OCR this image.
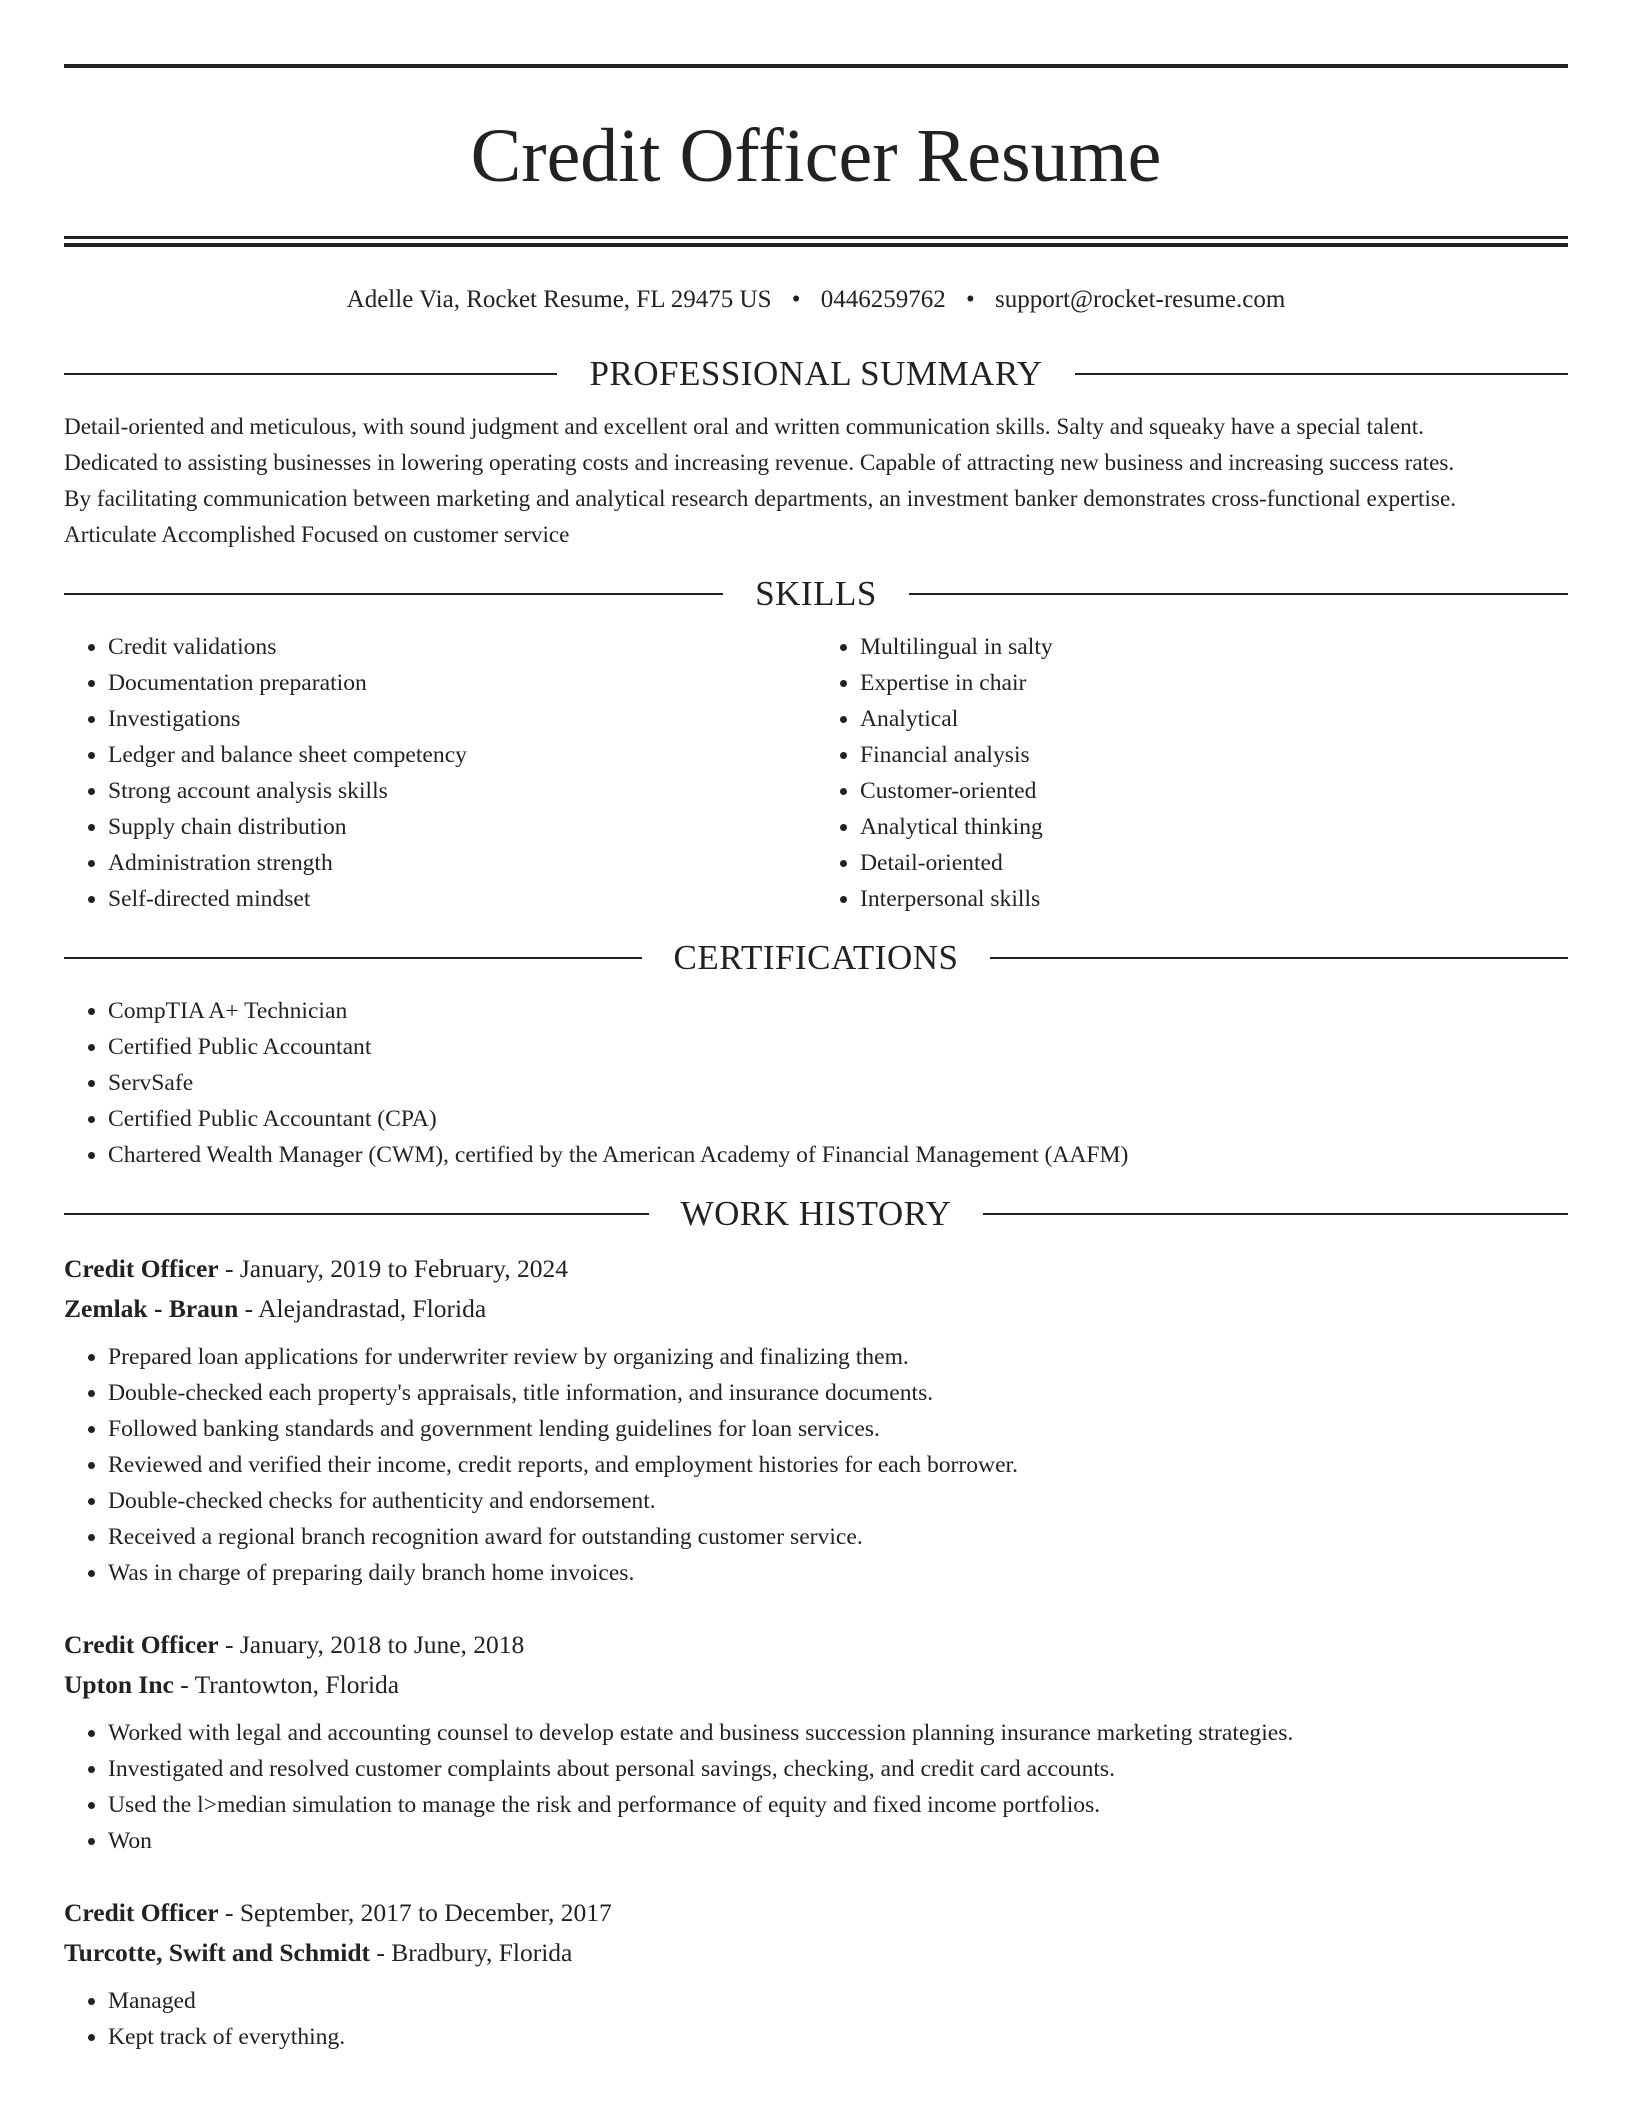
Credit Officer Resume
Adelle Via, Rocket Resume, FL 29475 US • 0446259762 • support@rocket-resume.com
PROFESSIONAL SUMMARY

Detail-oriented and meticulous, with sound judgment and excellent oral and written communication skills. Salty and squeaky have a special talent.
Dedicated to assisting businesses in lowering operating costs and increasing revenue. Capable of attracting new business and increasing success rates.
By facilitating communication between marketing and analytical research departments, an investment banker demonstrates cross-functional expertise.
Articulate Accomplished Focused on customer service

SKILLS
• Credit validations
• Documentation preparation
• Investigations
• Ledger and balance sheet competency
• Strong account analysis skills
• Supply chain distribution
• Administration strength
• Self-directed mindset
• Multilingual in salty
• Expertise in chair
• Analytical
• Financial analysis
• Customer-oriented
• Analytical thinking
• Detail-oriented
• Interpersonal skills
CERTIFICATIONS
• CompTIA A+ Technician
• Certified Public Accountant
• ServSafe
• Certified Public Accountant (CPA)
• Chartered Wealth Manager (CWM), certified by the American Academy of Financial Management (AAFM)
WORK HISTORY
Credit Officer - January, 2019 to February, 2024
Zemlak - Braun - Alejandrastad, Florida
• Prepared loan applications for underwriter review by organizing and finalizing them.
• Double-checked each property's appraisals, title information, and insurance documents.
• Followed banking standards and government lending guidelines for loan services.
• Reviewed and verified their income, credit reports, and employment histories for each borrower.
• Double-checked checks for authenticity and endorsement.
• Received a regional branch recognition award for outstanding customer service.
• Was in charge of preparing daily branch home invoices.
Credit Officer - January, 2018 to June, 2018
Upton Inc - Trantowton, Florida
• Worked with legal and accounting counsel to develop estate and business succession planning insurance marketing strategies.
• Investigated and resolved customer complaints about personal savings, checking, and credit card accounts.
• Used the l>median simulation to manage the risk and performance of equity and fixed income portfolios.
• Won
Credit Officer - September, 2017 to December, 2017
Turcotte, Swift and Schmidt - Bradbury, Florida
• Managed
• Kept track of everything.
